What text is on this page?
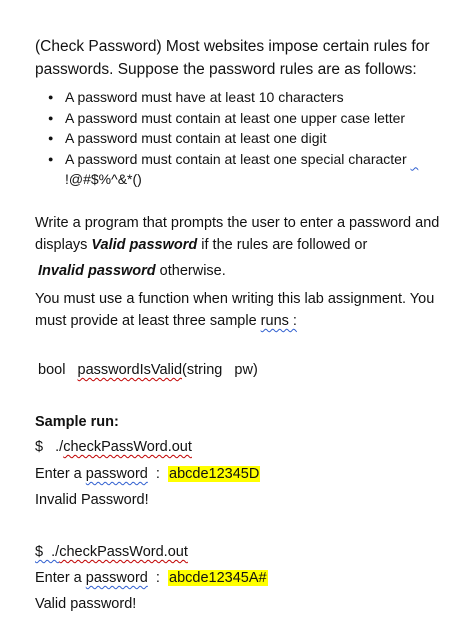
(Check Password) Most websites impose certain rules for passwords. Suppose the password rules are as follows:

● A password must have at least 10 characters
● A password must contain at least one upper case letter
● A password must contain at least one digit
● A password must contain at least one special character
!@#$%^&*()

Write a program that prompts the user to enter a password and displays Valid password if the rules are followed or

Invalid password otherwise.

You must use a function when writing this lab assignment. You must provide at least three sample runs :

bool passwordIsValid(string   pw)
Sample run:
$   ./checkPassWord.out
Enter a password  :  abcde12345D
Invalid Password!
$  ./checkPassWord.out
Enter a password  :  abcde12345A#
Valid password!
